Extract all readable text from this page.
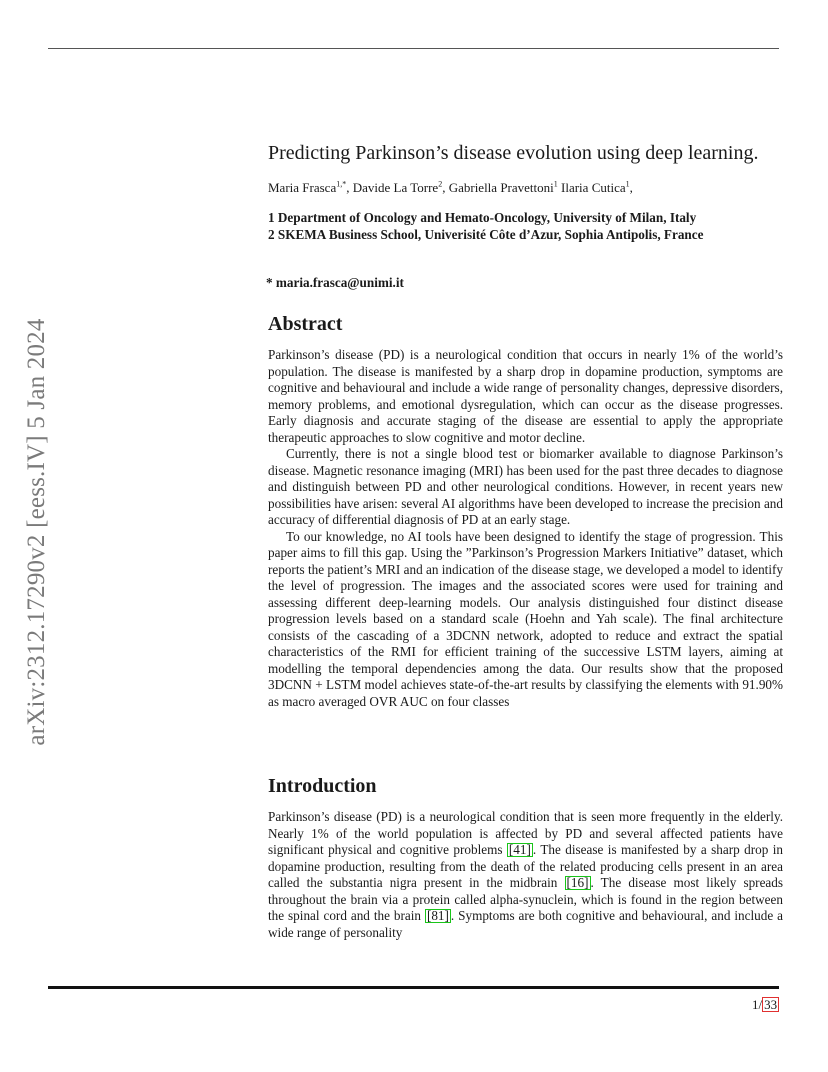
arXiv:2312.17290v2 [eess.IV] 5 Jan 2024
Predicting Parkinson’s disease evolution using deep learning.
Maria Frasca$^{1,*}$, Davide La Torre$^2$, Gabriella Pravettoni$^1$ Ilaria Cutica$^1$,
1 Department of Oncology and Hemato-Oncology, University of Milan, Italy
2 SKEMA Business School, Univerisité Côte d’Azur, Sophia Antipolis, France
* maria.frasca@unimi.it
Abstract

Parkinson’s disease (PD) is a neurological condition that occurs in nearly 1% of the world’s population. The disease is manifested by a sharp drop in dopamine production, symptoms are cognitive and behavioural and include a wide range of personality changes, depressive disorders, memory problems, and emotional dysregulation, which can occur as the disease progresses. Early diagnosis and accurate staging of the disease are essential to apply the appropriate therapeutic approaches to slow cognitive and motor decline.

Currently, there is not a single blood test or biomarker available to diagnose Parkinson’s disease. Magnetic resonance imaging (MRI) has been used for the past three decades to diagnose and distinguish between PD and other neurological conditions. However, in recent years new possibilities have arisen: several AI algorithms have been developed to increase the precision and accuracy of differential diagnosis of PD at an early stage.

To our knowledge, no AI tools have been designed to identify the stage of progression. This paper aims to fill this gap. Using the ”Parkinson’s Progression Markers Initiative” dataset, which reports the patient’s MRI and an indication of the disease stage, we developed a model to identify the level of progression. The images and the associated scores were used for training and assessing different deep-learning models. Our analysis distinguished four distinct disease progression levels based on a standard scale (Hoehn and Yah scale). The final architecture consists of the cascading of a 3DCNN network, adopted to reduce and extract the spatial characteristics of the RMI for efficient training of the successive LSTM layers, aiming at modelling the temporal dependencies among the data. Our results show that the proposed 3DCNN + LSTM model achieves state-of-the-art results by classifying the elements with 91.90% as macro averaged OVR AUC on four classes

Introduction

Parkinson’s disease (PD) is a neurological condition that is seen more frequently in the elderly. Nearly 1% of the world population is affected by PD and several affected patients have significant physical and cognitive problems [41] . The disease is manifested by a sharp drop in dopamine production, resulting from the death of the related producing cells present in an area called the substantia nigra present in the midbrain [16] . The disease most likely spreads throughout the brain via a protein called alpha-synuclein, which is found in the region between the spinal cord and the brain [81] . Symptoms are both cognitive and behavioural, and include a wide range of personality

1/ 33
